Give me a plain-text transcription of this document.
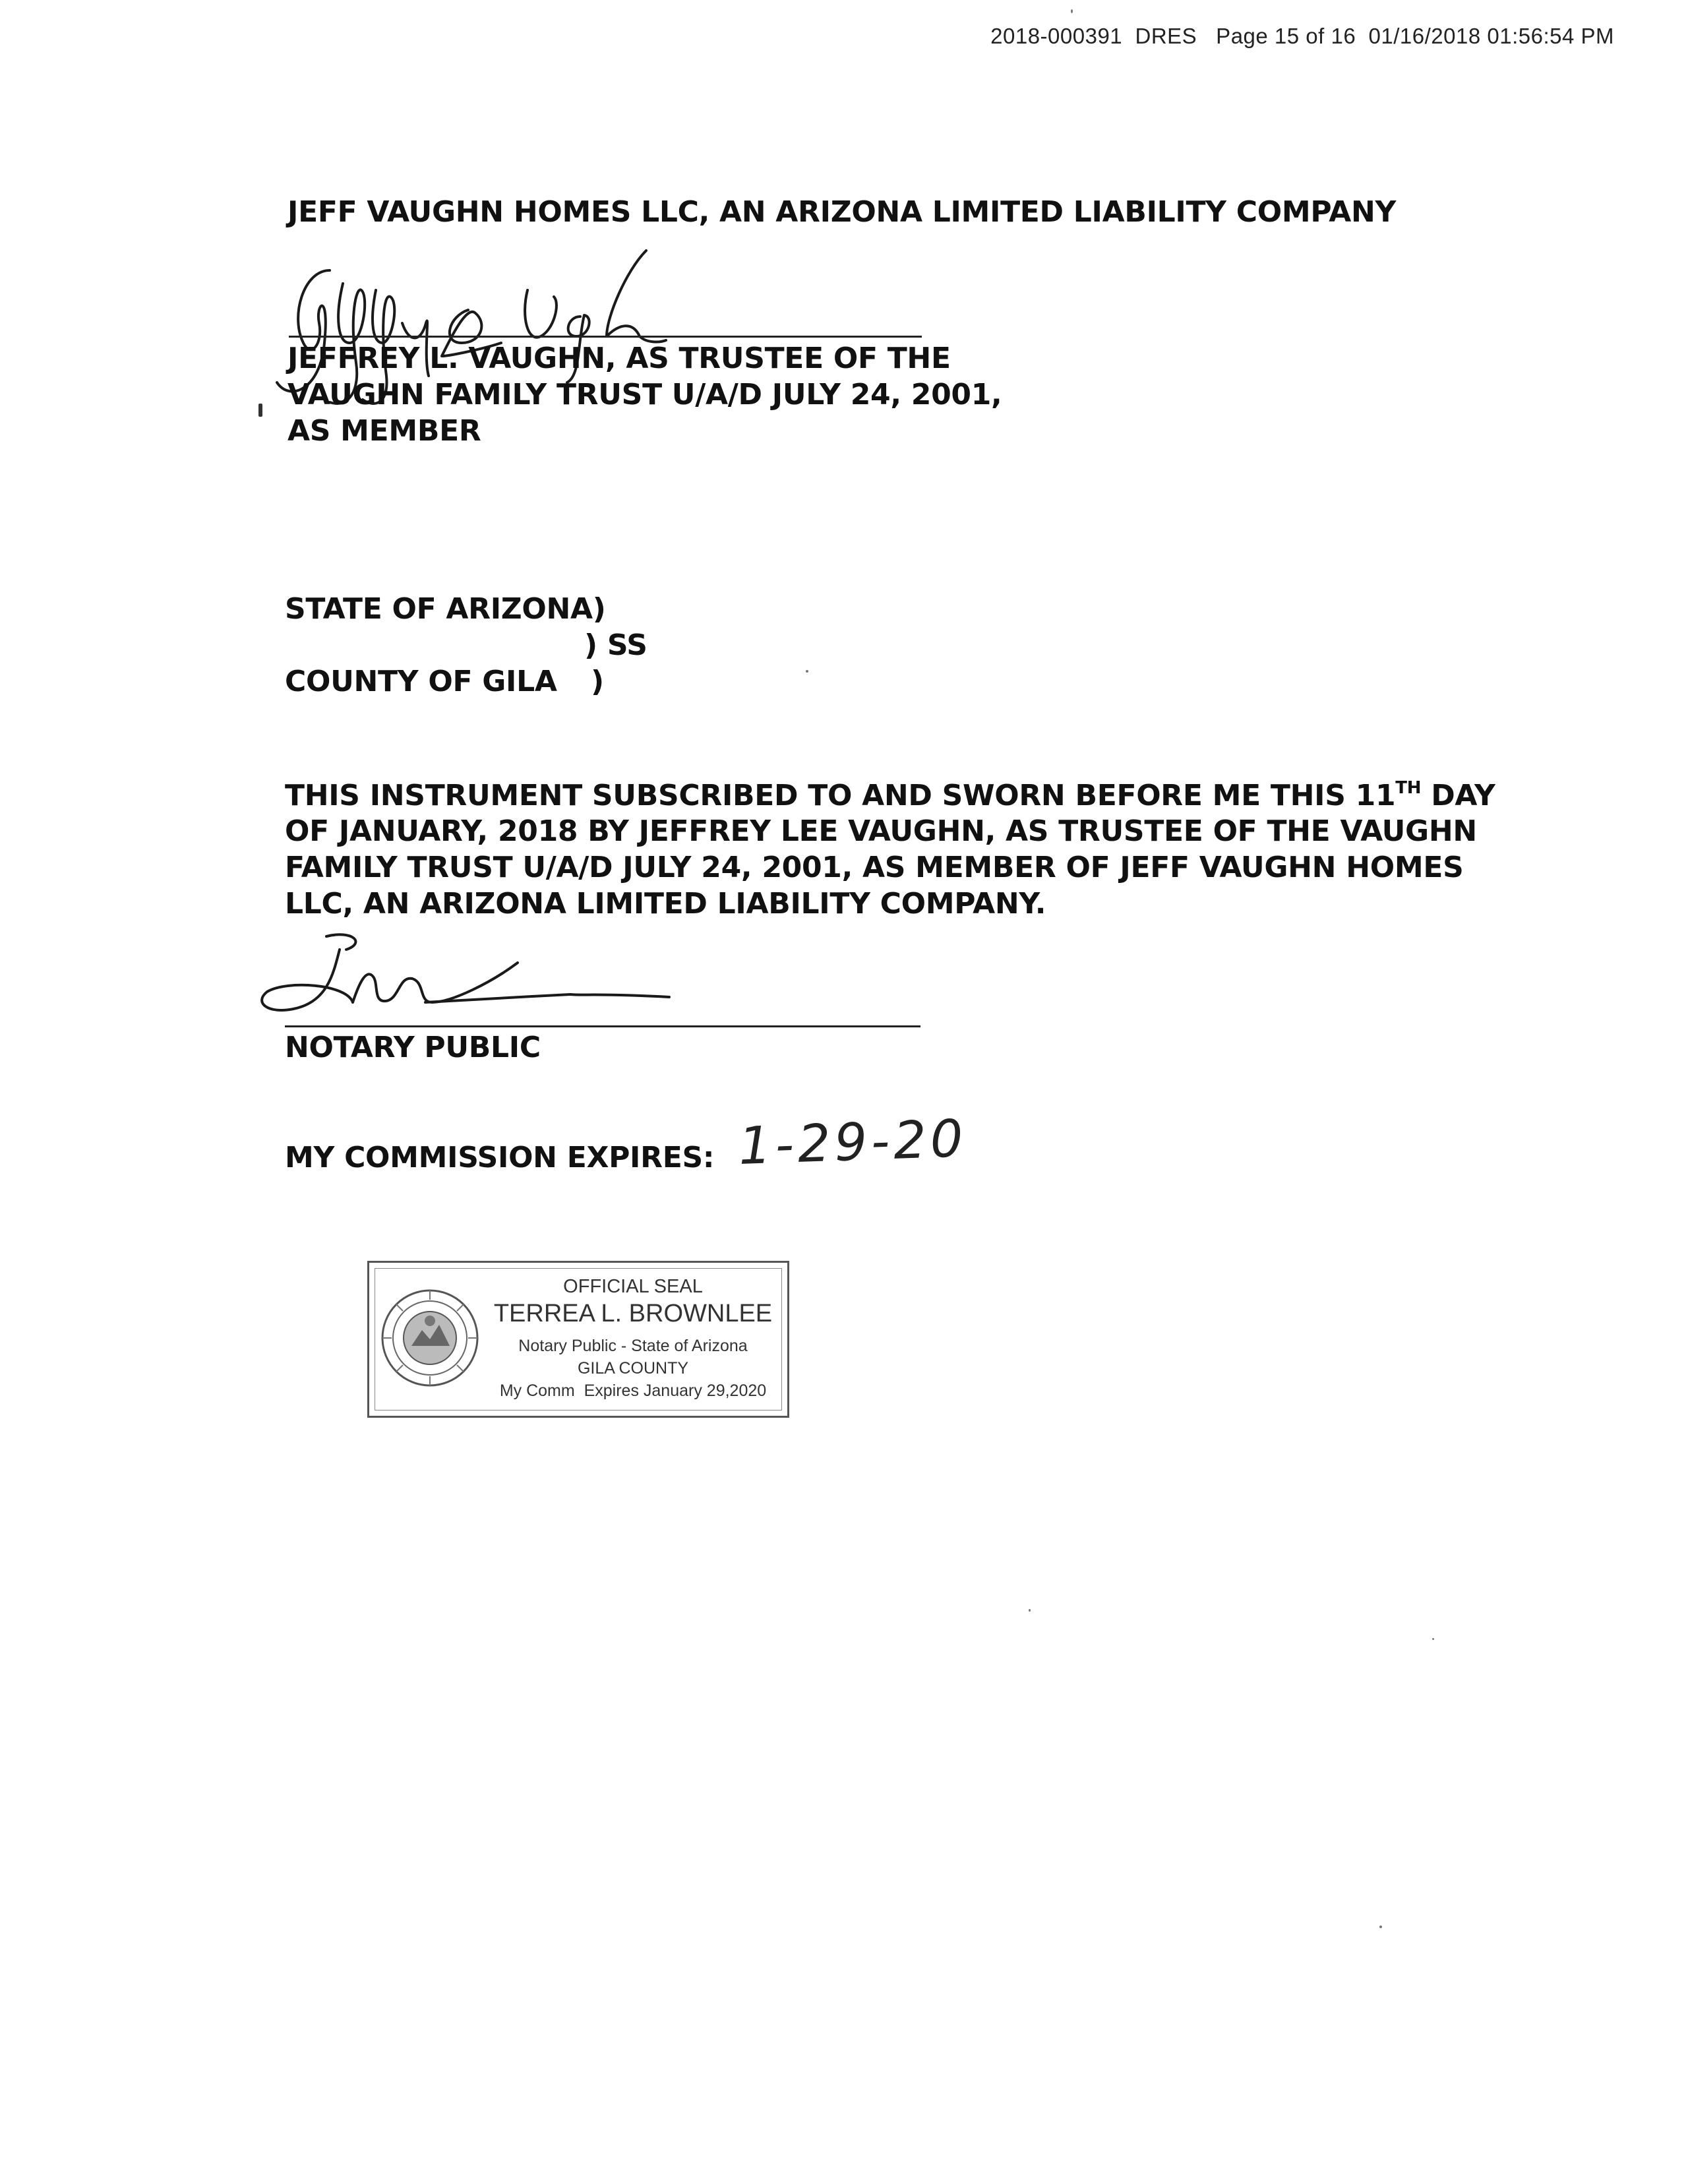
2018-000391  DRES   Page 15 of 16  01/16/2018 01:56:54 PM
JEFF VAUGHN HOMES LLC, AN ARIZONA LIMITED LIABILITY COMPANY
JEFFREY L. VAUGHN, AS TRUSTEE OF THE
VAUGHN FAMILY TRUST U/A/D JULY 24, 2001,
AS MEMBER
STATE OF ARIZONA)
) SS
COUNTY OF GILA )
THIS INSTRUMENT SUBSCRIBED TO AND SWORN BEFORE ME THIS 11TH DAY
OF JANUARY, 2018 BY JEFFREY LEE VAUGHN, AS TRUSTEE OF THE VAUGHN
FAMILY TRUST U/A/D JULY 24, 2001, AS MEMBER OF JEFF VAUGHN HOMES
LLC, AN ARIZONA LIMITED LIABILITY COMPANY.
NOTARY PUBLIC
MY COMMISSION EXPIRES: 1-29-20
OFFICIAL SEAL
TERREA L. BROWNLEE
Notary Public - State of Arizona
GILA COUNTY
My Comm  Expires January 29,2020
